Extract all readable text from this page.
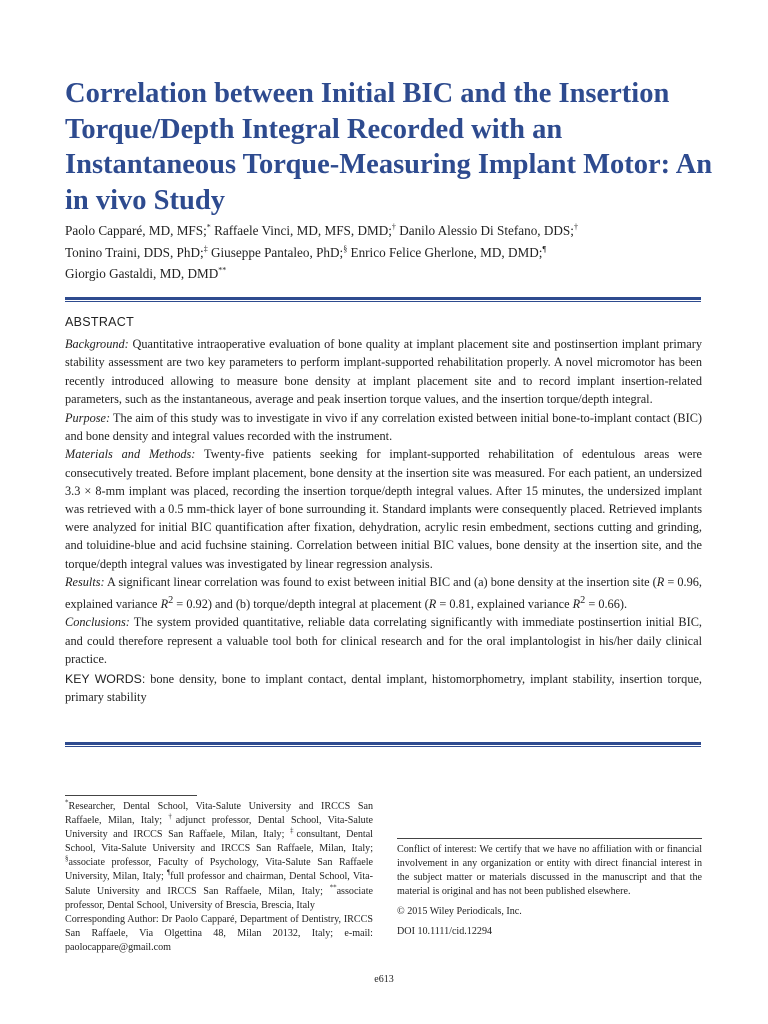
Correlation between Initial BIC and the Insertion Torque/Depth Integral Recorded with an Instantaneous Torque-Measuring Implant Motor: An in vivo Study
Paolo Capparé, MD, MFS;* Raffaele Vinci, MD, MFS, DMD;† Danilo Alessio Di Stefano, DDS;†
Tonino Traini, DDS, PhD;‡ Giuseppe Pantaleo, PhD;§ Enrico Felice Gherlone, MD, DMD;¶
Giorgio Gastaldi, MD, DMD**
ABSTRACT

Background: Quantitative intraoperative evaluation of bone quality at implant placement site and postinsertion implant primary stability assessment are two key parameters to perform implant-supported rehabilitation properly. A novel micromotor has been recently introduced allowing to measure bone density at implant placement site and to record implant insertion-related parameters, such as the instantaneous, average and peak insertion torque values, and the insertion torque/depth integral.

Purpose: The aim of this study was to investigate in vivo if any correlation existed between initial bone-to-implant contact (BIC) and bone density and integral values recorded with the instrument.

Materials and Methods: Twenty-five patients seeking for implant-supported rehabilitation of edentulous areas were consecutively treated. Before implant placement, bone density at the insertion site was measured. For each patient, an undersized 3.3 × 8-mm implant was placed, recording the insertion torque/depth integral values. After 15 minutes, the undersized implant was retrieved with a 0.5 mm-thick layer of bone surrounding it. Standard implants were consequently placed. Retrieved implants were analyzed for initial BIC quantification after fixation, dehydration, acrylic resin embedment, sections cutting and grinding, and toluidine-blue and acid fuchsine staining. Correlation between initial BIC values, bone density at the insertion site, and the torque/depth integral values was investigated by linear regression analysis.

Results: A significant linear correlation was found to exist between initial BIC and (a) bone density at the insertion site (R = 0.96, explained variance $R^2 = 0.92$) and (b) torque/depth integral at placement (R = 0.81, explained variance $R^2 = 0.66$).

Conclusions: The system provided quantitative, reliable data correlating significantly with immediate postinsertion initial BIC, and could therefore represent a valuable tool both for clinical research and for the oral implantologist in his/her daily clinical practice.

KEY WORDS: bone density, bone to implant contact, dental implant, histomorphometry, implant stability, insertion torque, primary stability

*Researcher, Dental School, Vita-Salute University and IRCCS San Raffaele, Milan, Italy; †adjunct professor, Dental School, Vita-Salute University and IRCCS San Raffaele, Milan, Italy; ‡consultant, Dental School, Vita-Salute University and IRCCS San Raffaele, Milan, Italy; §associate professor, Faculty of Psychology, Vita-Salute San Raffaele University, Milan, Italy; ¶full professor and chairman, Dental School, Vita-Salute University and IRCCS San Raffaele, Milan, Italy; **associate professor, Dental School, University of Brescia, Brescia, Italy
Corresponding Author: Dr Paolo Capparé, Department of Dentistry, IRCCS San Raffaele, Via Olgettina 48, Milan 20132, Italy; e-mail: paolocappare@gmail.com

Conflict of interest: We certify that we have no affiliation with or financial involvement in any organization or entity with direct financial interest in the subject matter or materials discussed in the manuscript and that the material is original and has not been published elsewhere.

© 2015 Wiley Periodicals, Inc.

DOI 10.1111/cid.12294

e613
